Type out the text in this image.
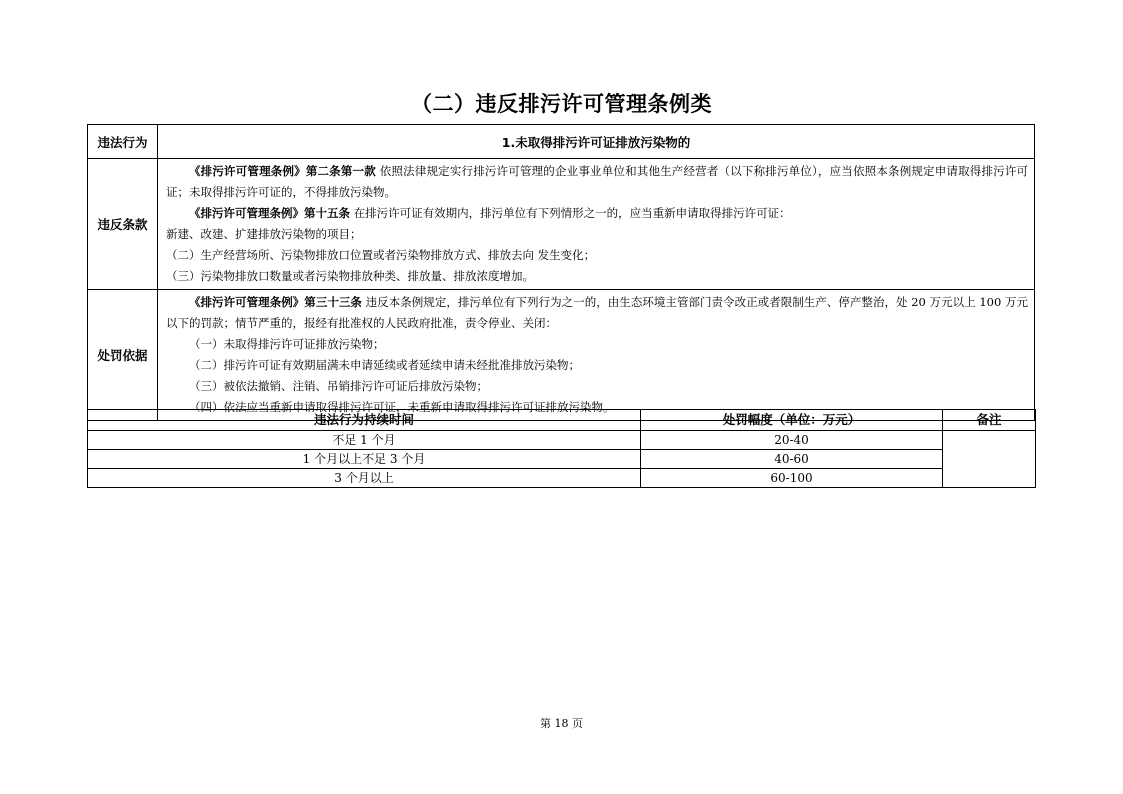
（二）违反排污许可管理条例类
违法行为	1.未取得排污许可证排放污染物的
违反条款	《排污许可管理条例》第二条第一款 依照法律规定实行排污许可管理的企业事业单位和其他生产经营者（以下称排污单位），应当依照本条例规定申请取得排污许可证；未取得排污许可证的，不得排放污染物。

《排污许可管理条例》第十五条 在排污许可证有效期内，排污单位有下列情形之一的，应当重新申请取得排污许可证：

新建、改建、扩建排放污染物的项目；

（二）生产经营场所、污染物排放口位置或者污染物排放方式、排放去向 发生变化；

（三）污染物排放口数量或者污染物排放种类、排放量、排放浓度增加。

处罚依据	《排污许可管理条例》第三十三条 违反本条例规定，排污单位有下列行为之一的，由生态环境主管部门责令改正或者限制生产、停产整治，处 20 万元以上 100 万元以下的罚款；情节严重的，报经有批准权的人民政府批准，责令停业、关闭：

（一）未取得排污许可证排放污染物；

（二）排污许可证有效期届满未申请延续或者延续申请未经批准排放污染物；

（三）被依法撤销、注销、吊销排污许可证后排放污染物；

（四）依法应当重新申请取得排污许可证，未重新申请取得排污许可证排放污染物。

违法行为持续时间	处罚幅度（单位：万元）	备注
不足 1 个月	20-40	
1 个月以上不足 3 个月	40-60	
3 个月以上	60-100	
第 18 页
